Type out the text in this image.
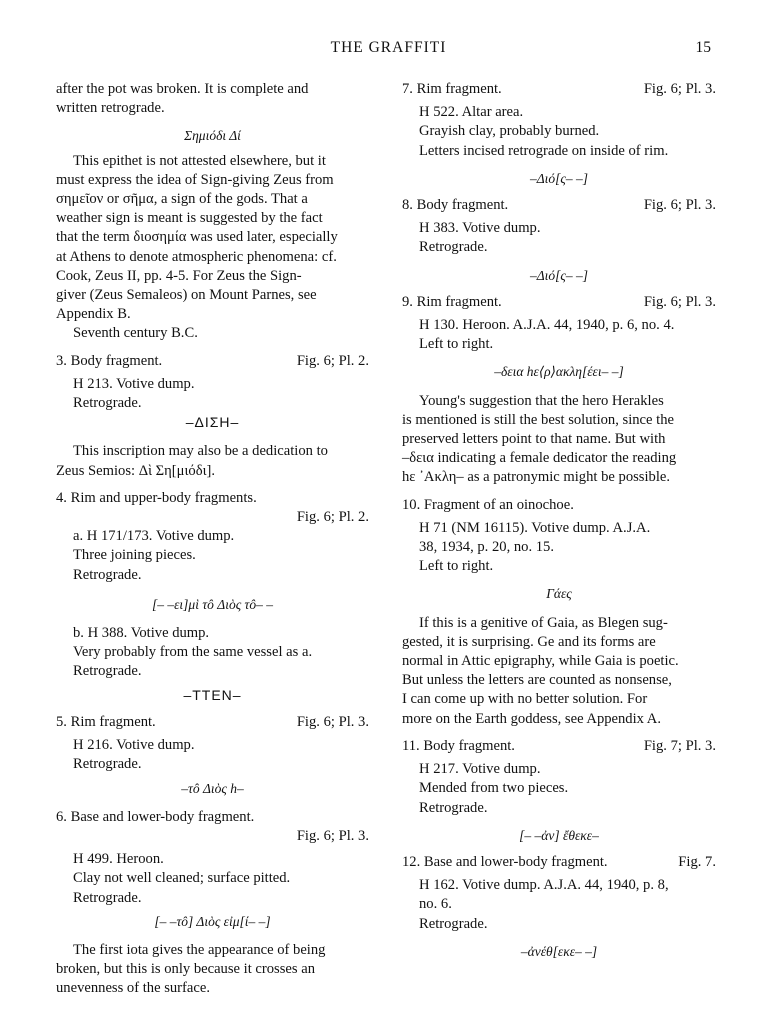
THE GRAFFITI	15

after the pot was broken. It is complete and

written retrograde.

Σημιόδι Δί

This epithet is not attested elsewhere, but it

must express the idea of Sign-giving Zeus from

σημεῖον or σῆμα, a sign of the gods. That a

weather sign is meant is suggested by the fact

that the term διοσημία was used later, especially

at Athens to denote atmospheric phenomena: cf.

Cook, Zeus II, pp. 4-5. For Zeus the Sign-

giver (Zeus Semaleos) on Mount Parnes, see

Appendix B.

Seventh century B.C.

3. Body fragment.	Fig. 6; Pl. 2.

H 213. Votive dump.

Retrograde.

–ΔΙΣΗ–

This inscription may also be a dedication to

Zeus Semios: Δὶ Ση[μιόδι].

4. Rim and upper-body fragments.

Fig. 6; Pl. 2.

a. H 171/173. Votive dump.

Three joining pieces.

Retrograde.

[– –ει]μὶ τô Διὸς τô– –

b. H 388. Votive dump.

Very probably from the same vessel as a.

Retrograde.

–ΤΤΕΝ–

5. Rim fragment.	Fig. 6; Pl. 3.

H 216. Votive dump.

Retrograde.

–τô Διὸς h–

6. Base and lower-body fragment.

Fig. 6; Pl. 3.

H 499. Heroon.

Clay not well cleaned; surface pitted.

Retrograde.

[– –τô] Διὸς εἰμ[ί– –]

The first iota gives the appearance of being

broken, but this is only because it crosses an

unevenness of the surface.

7. Rim fragment.	Fig. 6; Pl. 3.

H 522. Altar area.

Grayish clay, probably burned.

Letters incised retrograde on inside of rim.

–Διό[ς– –]

8. Body fragment.	Fig. 6; Pl. 3.

H 383. Votive dump.

Retrograde.

–Διό[ς– –]

9. Rim fragment.	Fig. 6; Pl. 3.

H 130. Heroon. A.J.A. 44, 1940, p. 6, no. 4.

Left to right.

–δεια hε⟨ρ⟩ακλη[έει– –]

Young's suggestion that the hero Herakles

is mentioned is still the best solution, since the

preserved letters point to that name. But with

–δεια indicating a female dedicator the reading

hε ᾽Ακλη– as a patronymic might be possible.

10. Fragment of an oinochoe.

H 71 (NM 16115). Votive dump. A.J.A.

38, 1934, p. 20, no. 15.

Left to right.

Γάες

If this is a genitive of Gaia, as Blegen sug-

gested, it is surprising. Ge and its forms are

normal in Attic epigraphy, while Gaia is poetic.

But unless the letters are counted as nonsense,

I can come up with no better solution. For

more on the Earth goddess, see Appendix A.

11. Body fragment.	Fig. 7; Pl. 3.

H 217. Votive dump.

Mended from two pieces.

Retrograde.

[– –ἀν] ἔθεκε–

12. Base and lower-body fragment.	Fig. 7.

H 162. Votive dump. A.J.A. 44, 1940, p. 8,

no. 6.

Retrograde.

–ἀνέθ[εκε– –]
